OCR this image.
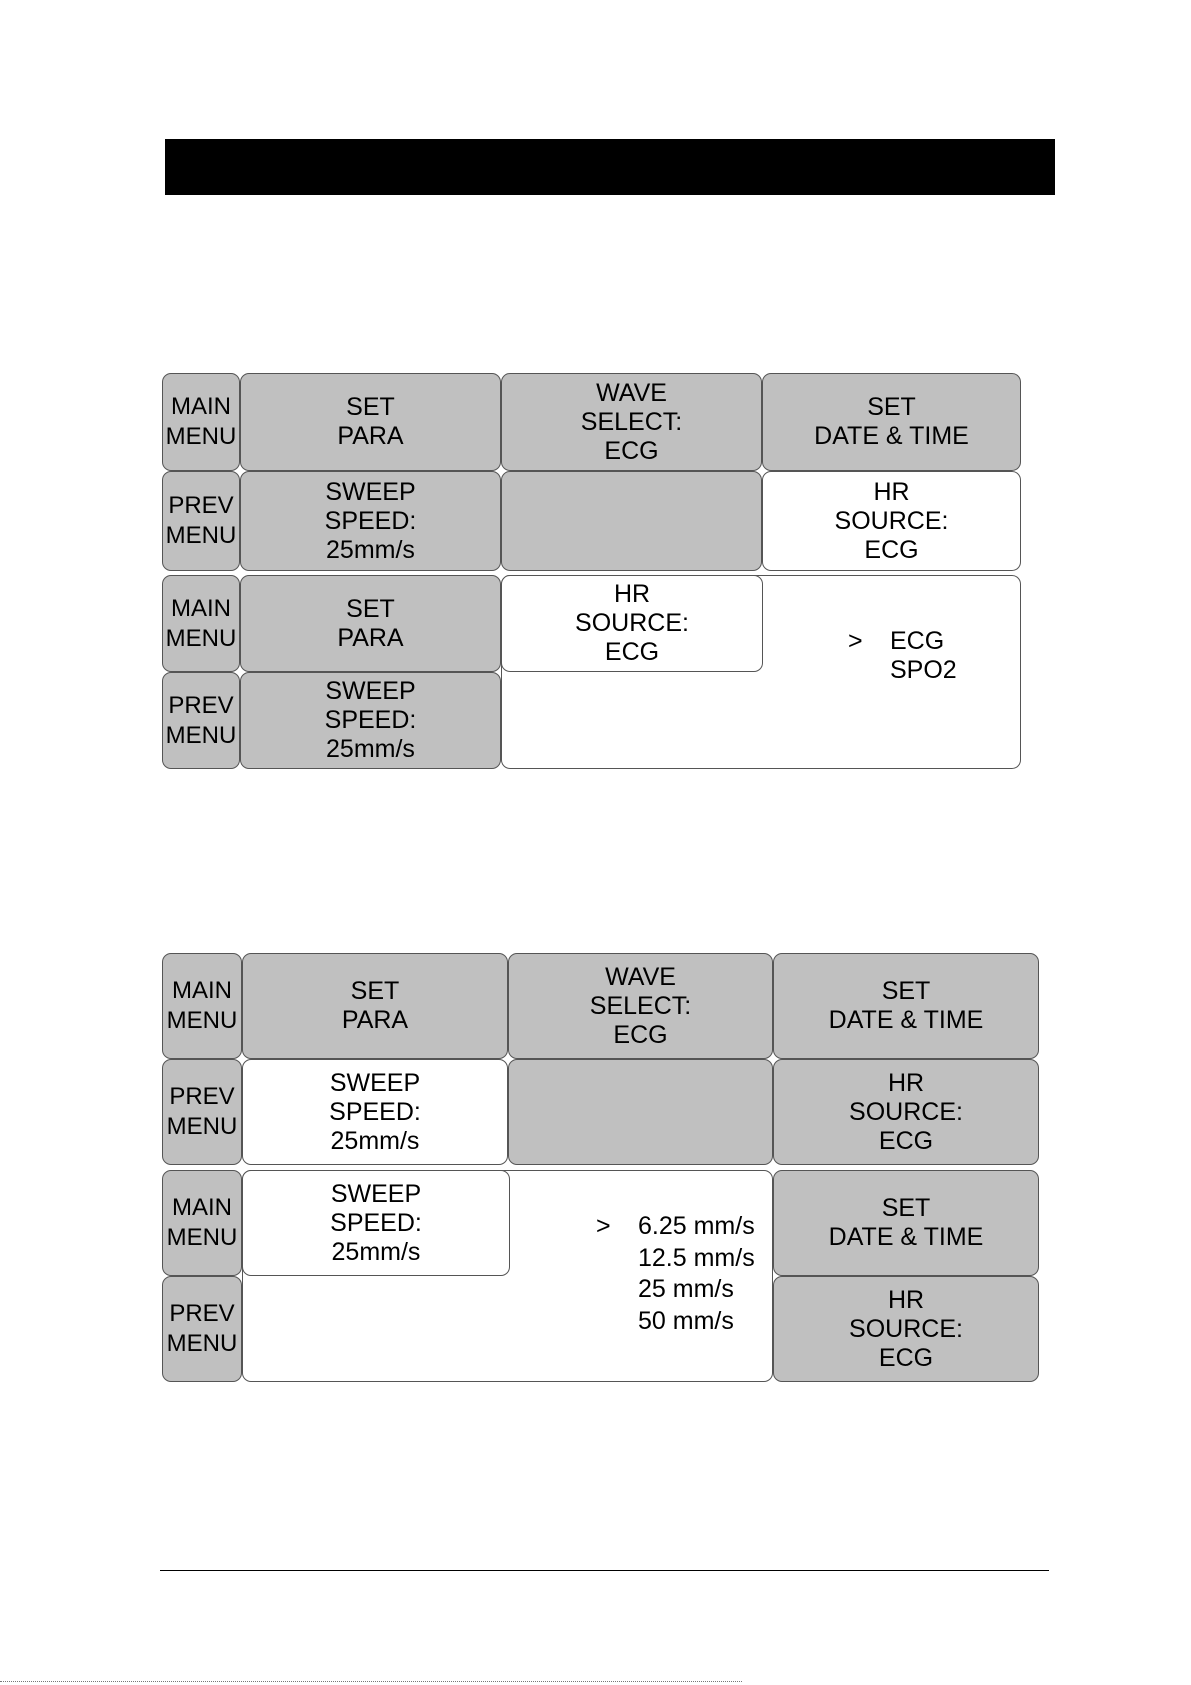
MAIN
MENU
SET
PARA
WAVE
SELECT:
ECG
SET
DATE & TIME
PREV
MENU
SWEEP
SPEED:
25mm/s
HR
SOURCE:
ECG
MAIN
MENU
SET
PARA
HR
SOURCE:
ECG
PREV
MENU
SWEEP
SPEED:
25mm/s
>	ECG
SPO2
MAIN
MENU
SET
PARA
WAVE
SELECT:
ECG
SET
DATE & TIME
PREV
MENU
SWEEP
SPEED:
25mm/s
HR
SOURCE:
ECG
MAIN
MENU
SWEEP
SPEED:
25mm/s
SET
DATE & TIME
PREV
MENU
HR
SOURCE:
ECG
>	6.25 mm/s
12.5 mm/s
25 mm/s
50 mm/s
